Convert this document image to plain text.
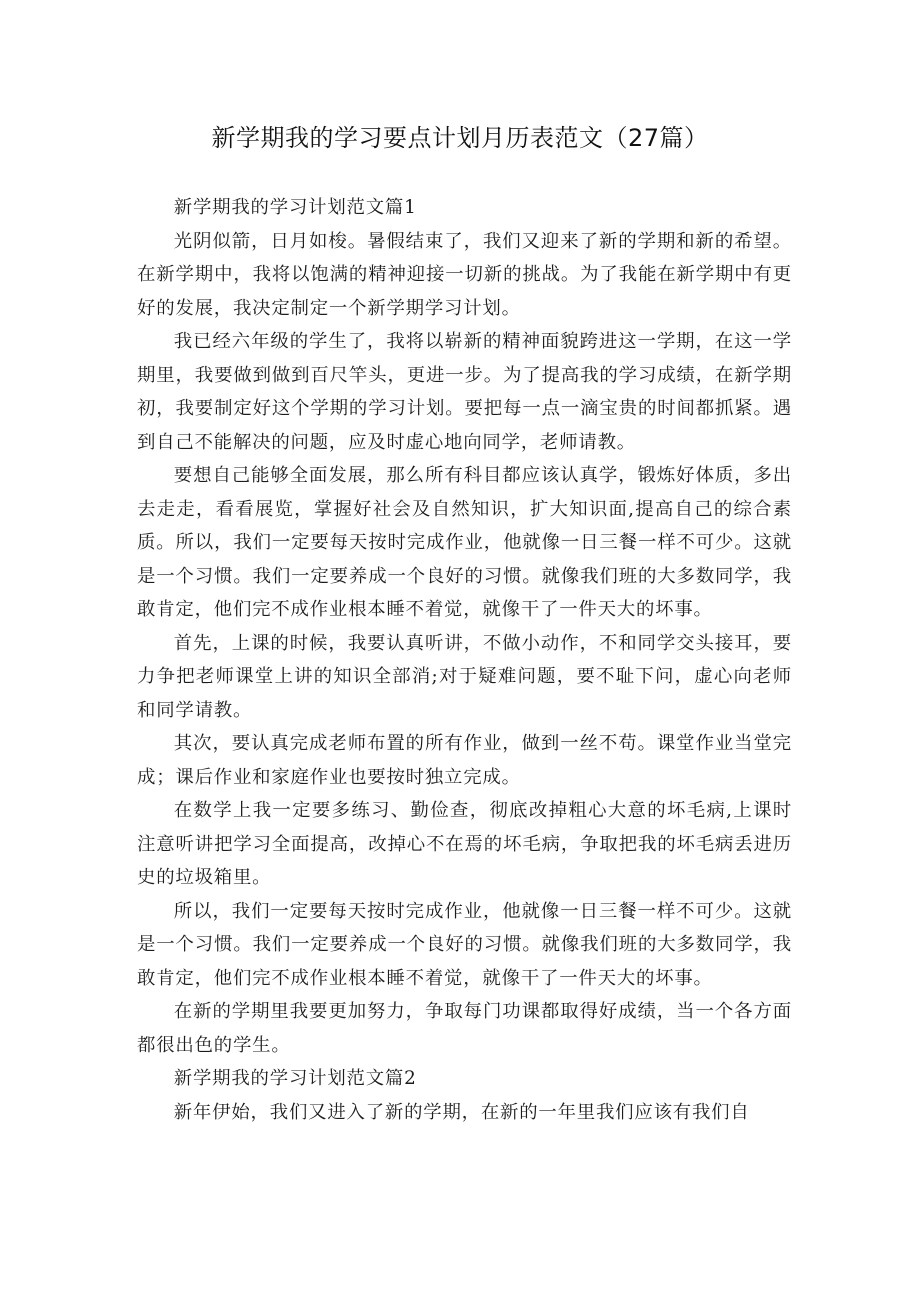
新学期我的学习要点计划月历表范文（27篇）

新学期我的学习计划范文篇1

光阴似箭，日月如梭。暑假结束了，我们又迎来了新的学期和新的希望。在新学期中，我将以饱满的精神迎接一切新的挑战。为了我能在新学期中有更好的发展，我决定制定一个新学期学习计划。

我已经六年级的学生了，我将以崭新的精神面貌跨进这一学期，在这一学期里，我要做到做到百尺竿头，更进一步。为了提高我的学习成绩，在新学期初，我要制定好这个学期的学习计划。要把每一点一滴宝贵的时间都抓紧。遇到自己不能解决的问题，应及时虚心地向同学，老师请教。

要想自己能够全面发展，那么所有科目都应该认真学，锻炼好体质，多出去走走，看看展览，掌握好社会及自然知识，扩大知识面,提高自己的综合素质。所以，我们一定要每天按时完成作业，他就像一日三餐一样不可少。这就是一个习惯。我们一定要养成一个良好的习惯。就像我们班的大多数同学，我敢肯定，他们完不成作业根本睡不着觉，就像干了一件天大的坏事。

首先，上课的时候，我要认真听讲，不做小动作，不和同学交头接耳，要力争把老师课堂上讲的知识全部消;对于疑难问题，要不耻下问，虚心向老师和同学请教。

其次，要认真完成老师布置的所有作业，做到一丝不苟。课堂作业当堂完成；课后作业和家庭作业也要按时独立完成。

在数学上我一定要多练习、勤俭查，彻底改掉粗心大意的坏毛病,上课时注意听讲把学习全面提高，改掉心不在焉的坏毛病，争取把我的坏毛病丢进历史的垃圾箱里。

所以，我们一定要每天按时完成作业，他就像一日三餐一样不可少。这就是一个习惯。我们一定要养成一个良好的习惯。就像我们班的大多数同学，我敢肯定，他们完不成作业根本睡不着觉，就像干了一件天大的坏事。

在新的学期里我要更加努力，争取每门功课都取得好成绩，当一个各方面都很出色的学生。

新学期我的学习计划范文篇2

新年伊始，我们又进入了新的学期，在新的一年里我们应该有我们自
